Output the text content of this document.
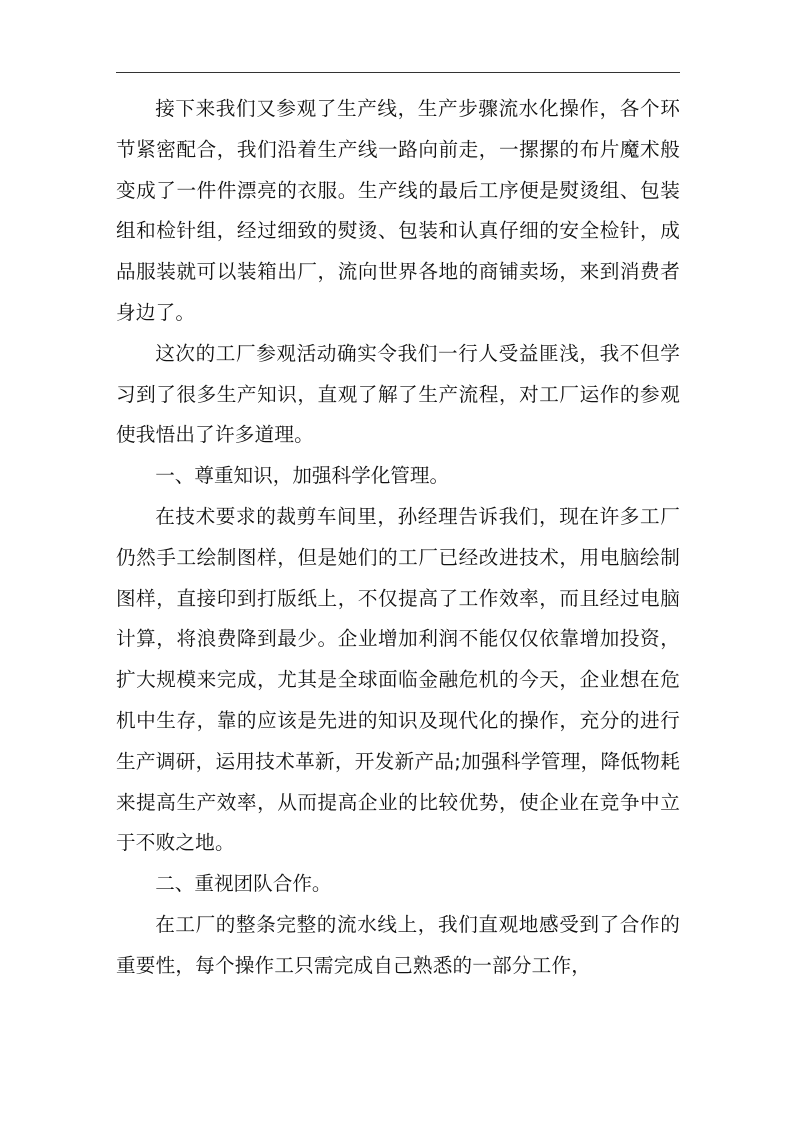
接下来我们又参观了生产线，生产步骤流水化操作，各个环节紧密配合，我们沿着生产线一路向前走，一摞摞的布片魔术般变成了一件件漂亮的衣服。生产线的最后工序便是熨烫组、包装组和检针组，经过细致的熨烫、包装和认真仔细的安全检针，成品服装就可以装箱出厂，流向世界各地的商铺卖场，来到消费者身边了。

这次的工厂参观活动确实令我们一行人受益匪浅，我不但学习到了很多生产知识，直观了解了生产流程，对工厂运作的参观使我悟出了许多道理。

一、尊重知识，加强科学化管理。

在技术要求的裁剪车间里，孙经理告诉我们，现在许多工厂仍然手工绘制图样，但是她们的工厂已经改进技术，用电脑绘制图样，直接印到打版纸上，不仅提高了工作效率，而且经过电脑计算，将浪费降到最少。企业增加利润不能仅仅依靠增加投资，扩大规模来完成，尤其是全球面临金融危机的今天，企业想在危机中生存，靠的应该是先进的知识及现代化的操作，充分的进行生产调研，运用技术革新，开发新产品;加强科学管理，降低物耗来提高生产效率，从而提高企业的比较优势，使企业在竞争中立于不败之地。

二、重视团队合作。

在工厂的整条完整的流水线上，我们直观地感受到了合作的重要性，每个操作工只需完成自己熟悉的一部分工作，
